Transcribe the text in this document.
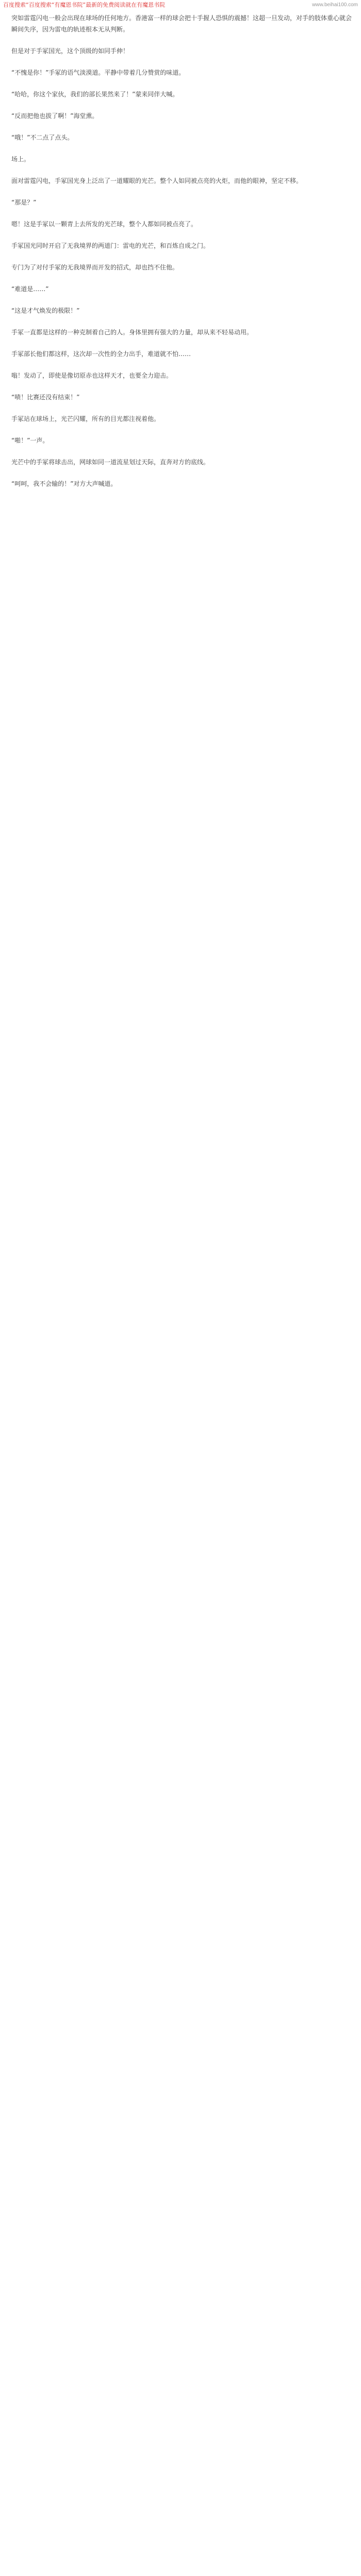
百度搜索“百度搜索“有魔恩书院”最新的免费阅读就在有魔恩书院	www.beihai100.com

突如雷霆闪电一般会出现在球场的任何地方。香港富一样的球会把十手握人恐惧的震撼！这超一旦发动，对手的肢体重心就会瞬间失序，因为雷电的轨迹根本无从判断。

但是对于手冢国光，这个顶级的如同手伸！

“不愧是你！”手冢的语气淡漠道。平静中带着几分赞赏的味道。

“哈哈，你这个家伙，我们的部长果然来了！”蒙来同伴大喊。

“反而把他也拔了啊！”海堂熏。

“哦！”不二点了点头。

场上。

面对雷霆闪电，手冢国光身上泛出了一道耀眼的光芒。整个人如同被点亮的火炬，而他的眼神，坚定不移。

“那是？”

嗯！这是手冢以一颗青上去所发的光芒球，整个人都如同被点亮了。

手冢国光同时开启了无我境界的两道门：雷电的光芒，和百炼自成之门。

专门为了对付手冢的无我境界而开发的招式，却也挡不住他。

“难道是……”

“这是才气焕发的极限！”

手冢一直都是这样的一种克制着自己的人。身体里拥有强大的力量，却从来不轻易动用。

手冢部长他们都这样，这次却一次性的全力出手，难道就不怕……

嗡！发动了，即使是像切原赤也这样天才，也要全力迎击。

“啧！比赛还没有结束！”

手冢站在球场上，光芒闪耀，所有的目光都注视着他。

“啪！”一声。

光芒中的手冢将球击出，网球如同一道流星划过天际，直奔对方的底线。

“呵呵，我不会输的！”对方大声喊道。
